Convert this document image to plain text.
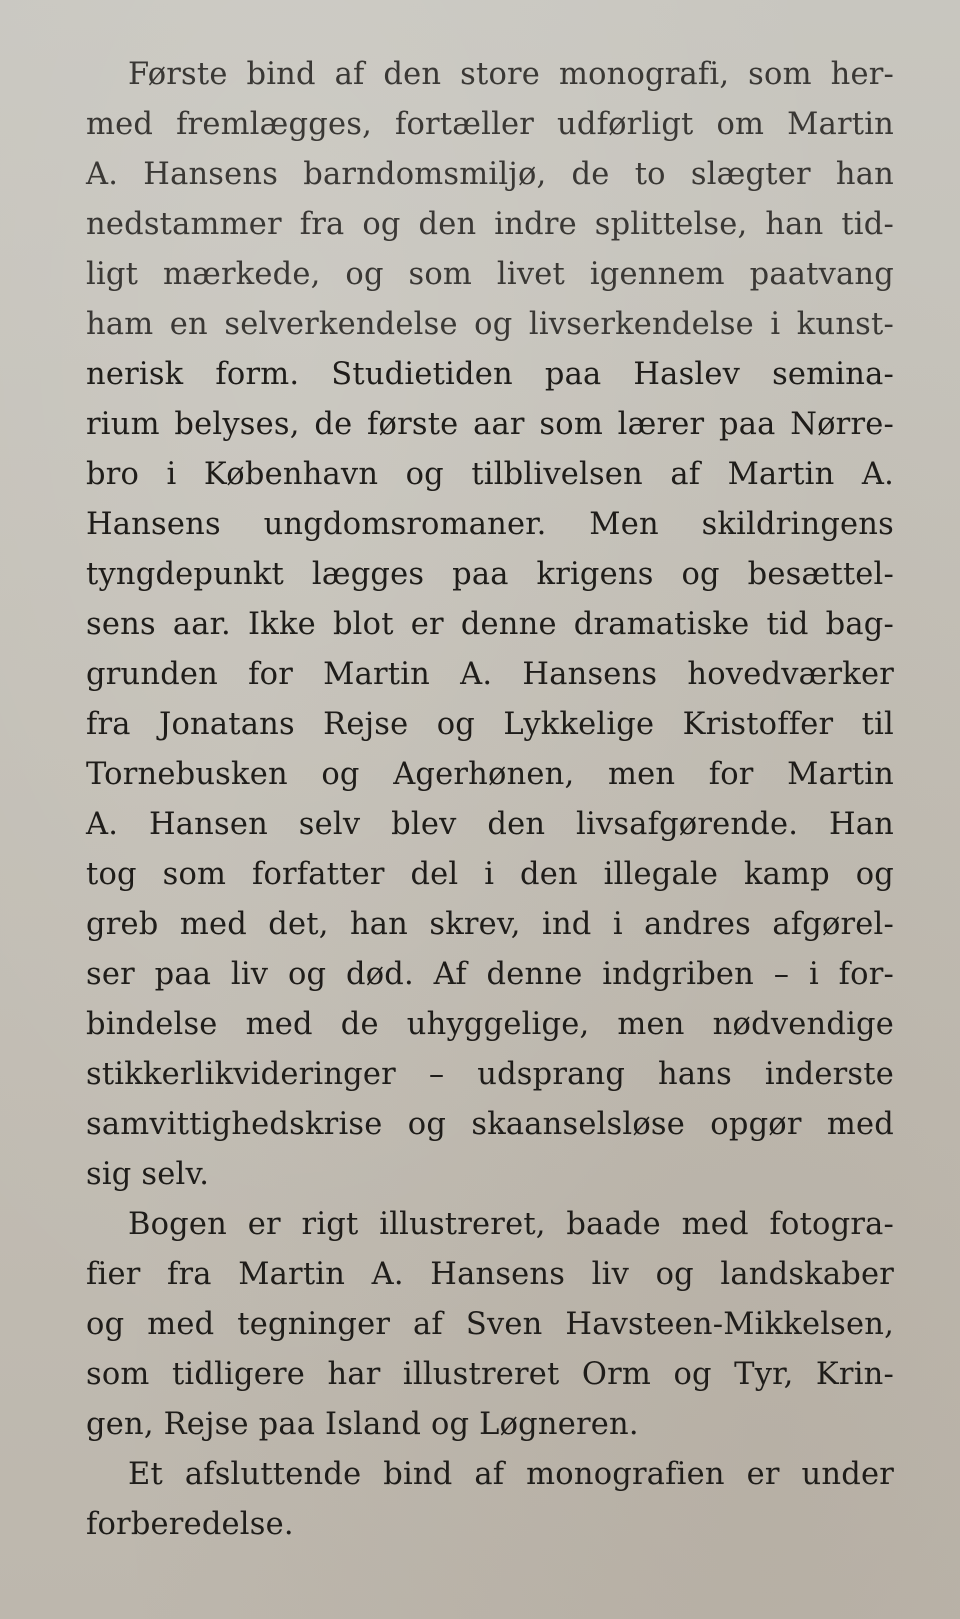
Første bind af den store monografi, som her-
med fremlægges, fortæller udførligt om Martin
A. Hansens barndomsmiljø, de to slægter han
nedstammer fra og den indre splittelse, han tid-
ligt mærkede, og som livet igennem paatvang
ham en selverkendelse og livserkendelse i kunst-
nerisk form. Studietiden paa Haslev semina-
rium belyses, de første aar som lærer paa Nørre-
bro i København og tilblivelsen af Martin A.
Hansens ungdomsromaner. Men skildringens
tyngdepunkt lægges paa krigens og besættel-
sens aar. Ikke blot er denne dramatiske tid bag-
grunden for Martin A. Hansens hovedværker
fra Jonatans Rejse og Lykkelige Kristoffer til
Tornebusken og Agerhønen, men for Martin
A. Hansen selv blev den livsafgørende. Han
tog som forfatter del i den illegale kamp og
greb med det, han skrev, ind i andres afgørel-
ser paa liv og død. Af denne indgriben – i for-
bindelse med de uhyggelige, men nødvendige
stikkerlikvideringer – udsprang hans inderste
samvittighedskrise og skaanselsløse opgør med
sig selv.
Bogen er rigt illustreret, baade med fotogra-
fier fra Martin A. Hansens liv og landskaber
og med tegninger af Sven Havsteen-Mikkelsen,
som tidligere har illustreret Orm og Tyr, Krin-
gen, Rejse paa Island og Løgneren.
Et afsluttende bind af monografien er under
forberedelse.
